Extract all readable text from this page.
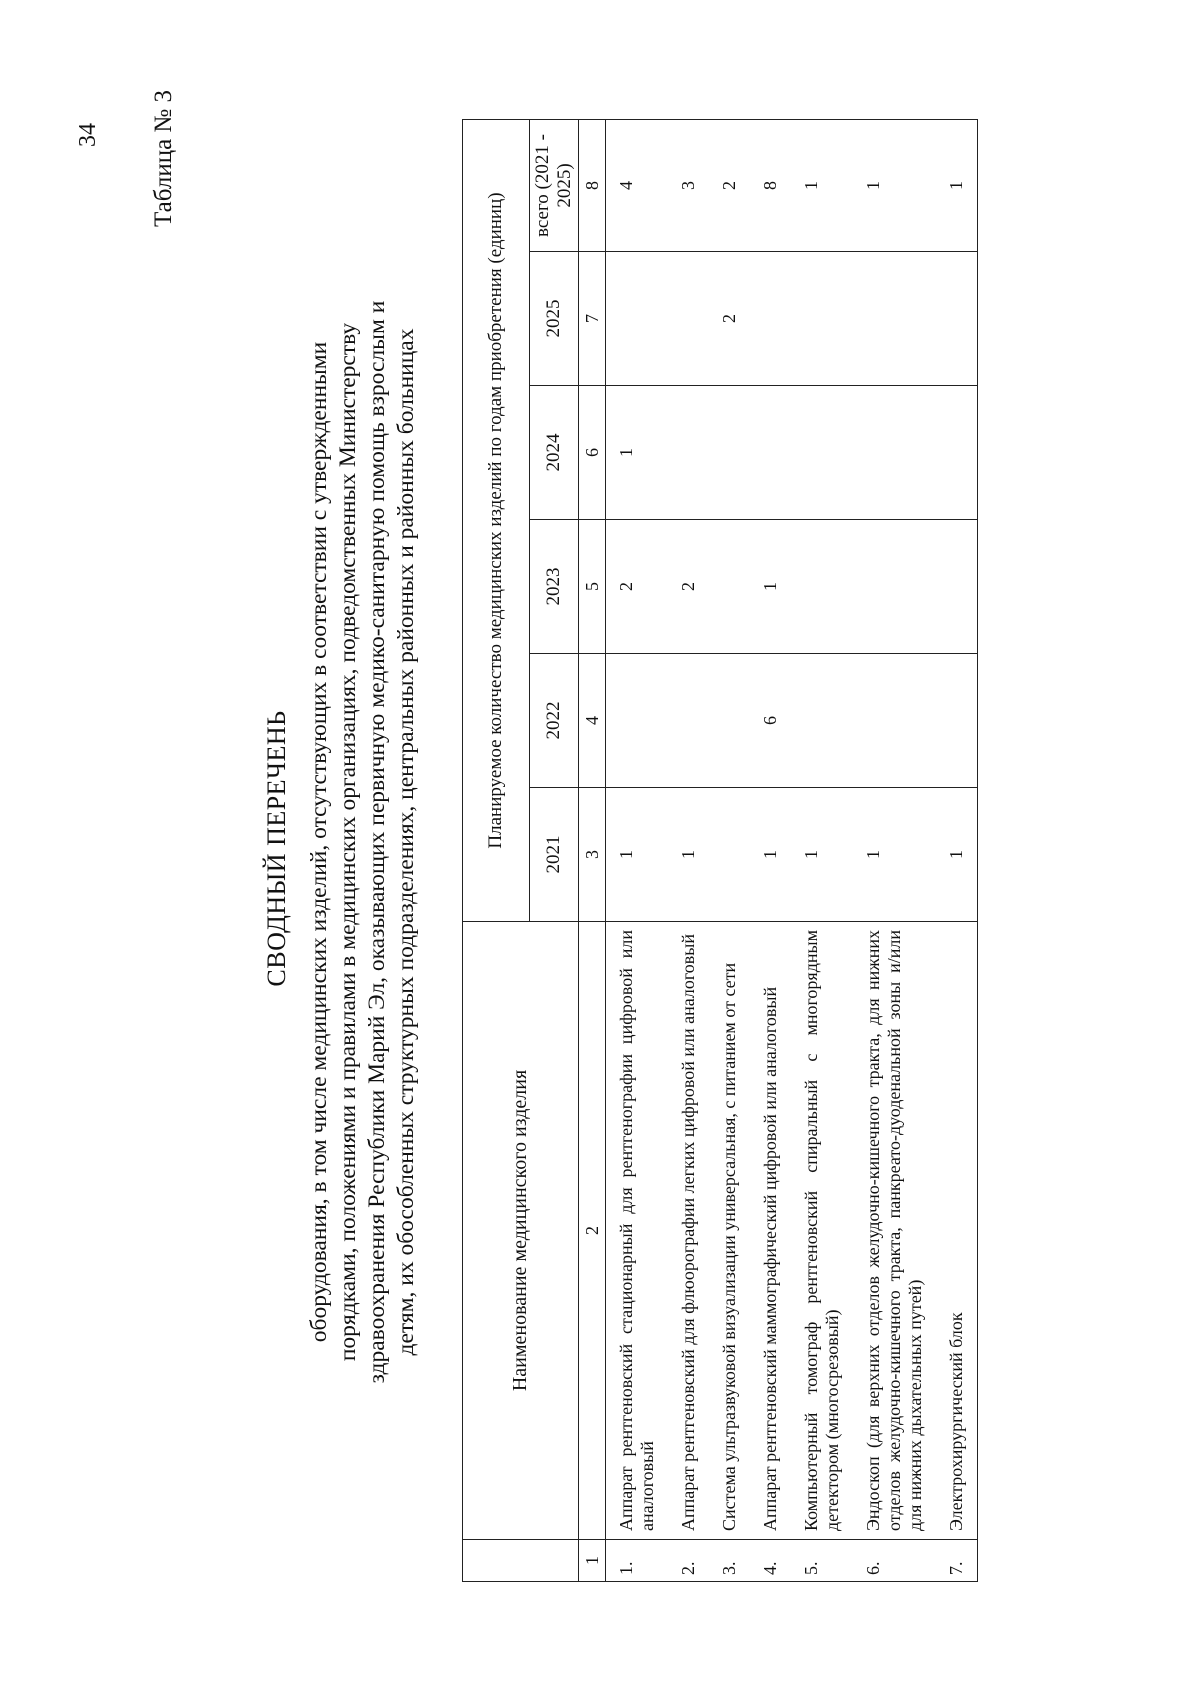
34 Таблица № 3
СВОДНЫЙ ПЕРЕЧЕНЬ оборудования, в том числе медицинских изделий, отсутствующих в соответствии с утвержденными порядками, положениями и правилами в медицинских организациях, подведомственных Министерству здравоохранения Республики Марий Эл, оказывающих первичную медико-санитарную помощь взрослым и детям, их обособленных структурных подразделениях, центральных районных и районных больницах
		Наименование медицинского изделия	Планируемое количество медицинских изделий по годам приобретения (единиц)					
		2021	2022	2023	2024	2025	всего (2021 - 2025)
1	2	3	4	5	6	7	8
1.	Аппарат рентгеновский стационарный для рентгенографии цифровой или аналоговый	1		2	1		4
2.	Аппарат рентгеновский для флюорографии легких цифровой или аналоговый	1		2			3
3.	Система ультразвуковой визуализации универсальная, с питанием от сети					2	2
4.	Аппарат рентгеновский маммографический цифровой или аналоговый	1	6	1			8
5.	Компьютерный томограф рентгеновский спиральный с многорядным детектором (многосрезовый)	1					1
6.	Эндоскоп (для верхних отделов желудочно-кишечного тракта, для нижних отделов желудочно-кишечного тракта, панкреато-дуоденальной зоны и/или для нижних дыхательных путей)	1					1
7.	Электрохирургический блок	1					1
